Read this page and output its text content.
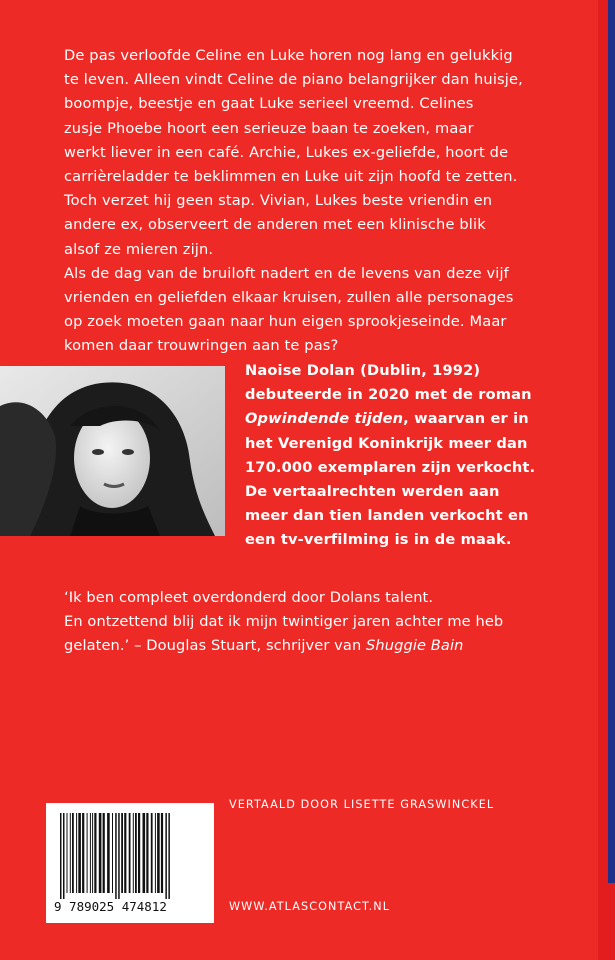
De pas verloofde Celine en Luke horen nog lang en gelukkig

te leven. Alleen vindt Celine de piano belangrijker dan huisje,

boompje, beestje en gaat Luke serieel vreemd. Celines

zusje Phoebe hoort een serieuze baan te zoeken, maar

werkt liever in een café. Archie, Lukes ex-geliefde, hoort de

carrièreladder te beklimmen en Luke uit zijn hoofd te zetten.

Toch verzet hij geen stap. Vivian, Lukes beste vriendin en

andere ex, observeert de anderen met een klinische blik

alsof ze mieren zijn.

Als de dag van de bruiloft nadert en de levens van deze vijf

vrienden en geliefden elkaar kruisen, zullen alle personages

op zoek moeten gaan naar hun eigen sprookjeseinde. Maar

komen daar trouwringen aan te pas?

Naoise Dolan (Dublin, 1992)

debuteerde in 2020 met de roman

Opwindende tijden, waarvan er in

het Verenigd Koninkrijk meer dan

170.000 exemplaren zijn verkocht.

De vertaalrechten werden aan

meer dan tien landen verkocht en

een tv-verfilming is in de maak.

‘Ik ben compleet overdonderd door Dolans talent.

En ontzettend blij dat ik mijn twintiger jaren achter me heb

gelaten.’ – Douglas Stuart, schrijver van Shuggie Bain

VERTAALD DOOR LISETTE GRASWINCKEL
9 789025 474812	WWW.ATLASCONTACT.NL
